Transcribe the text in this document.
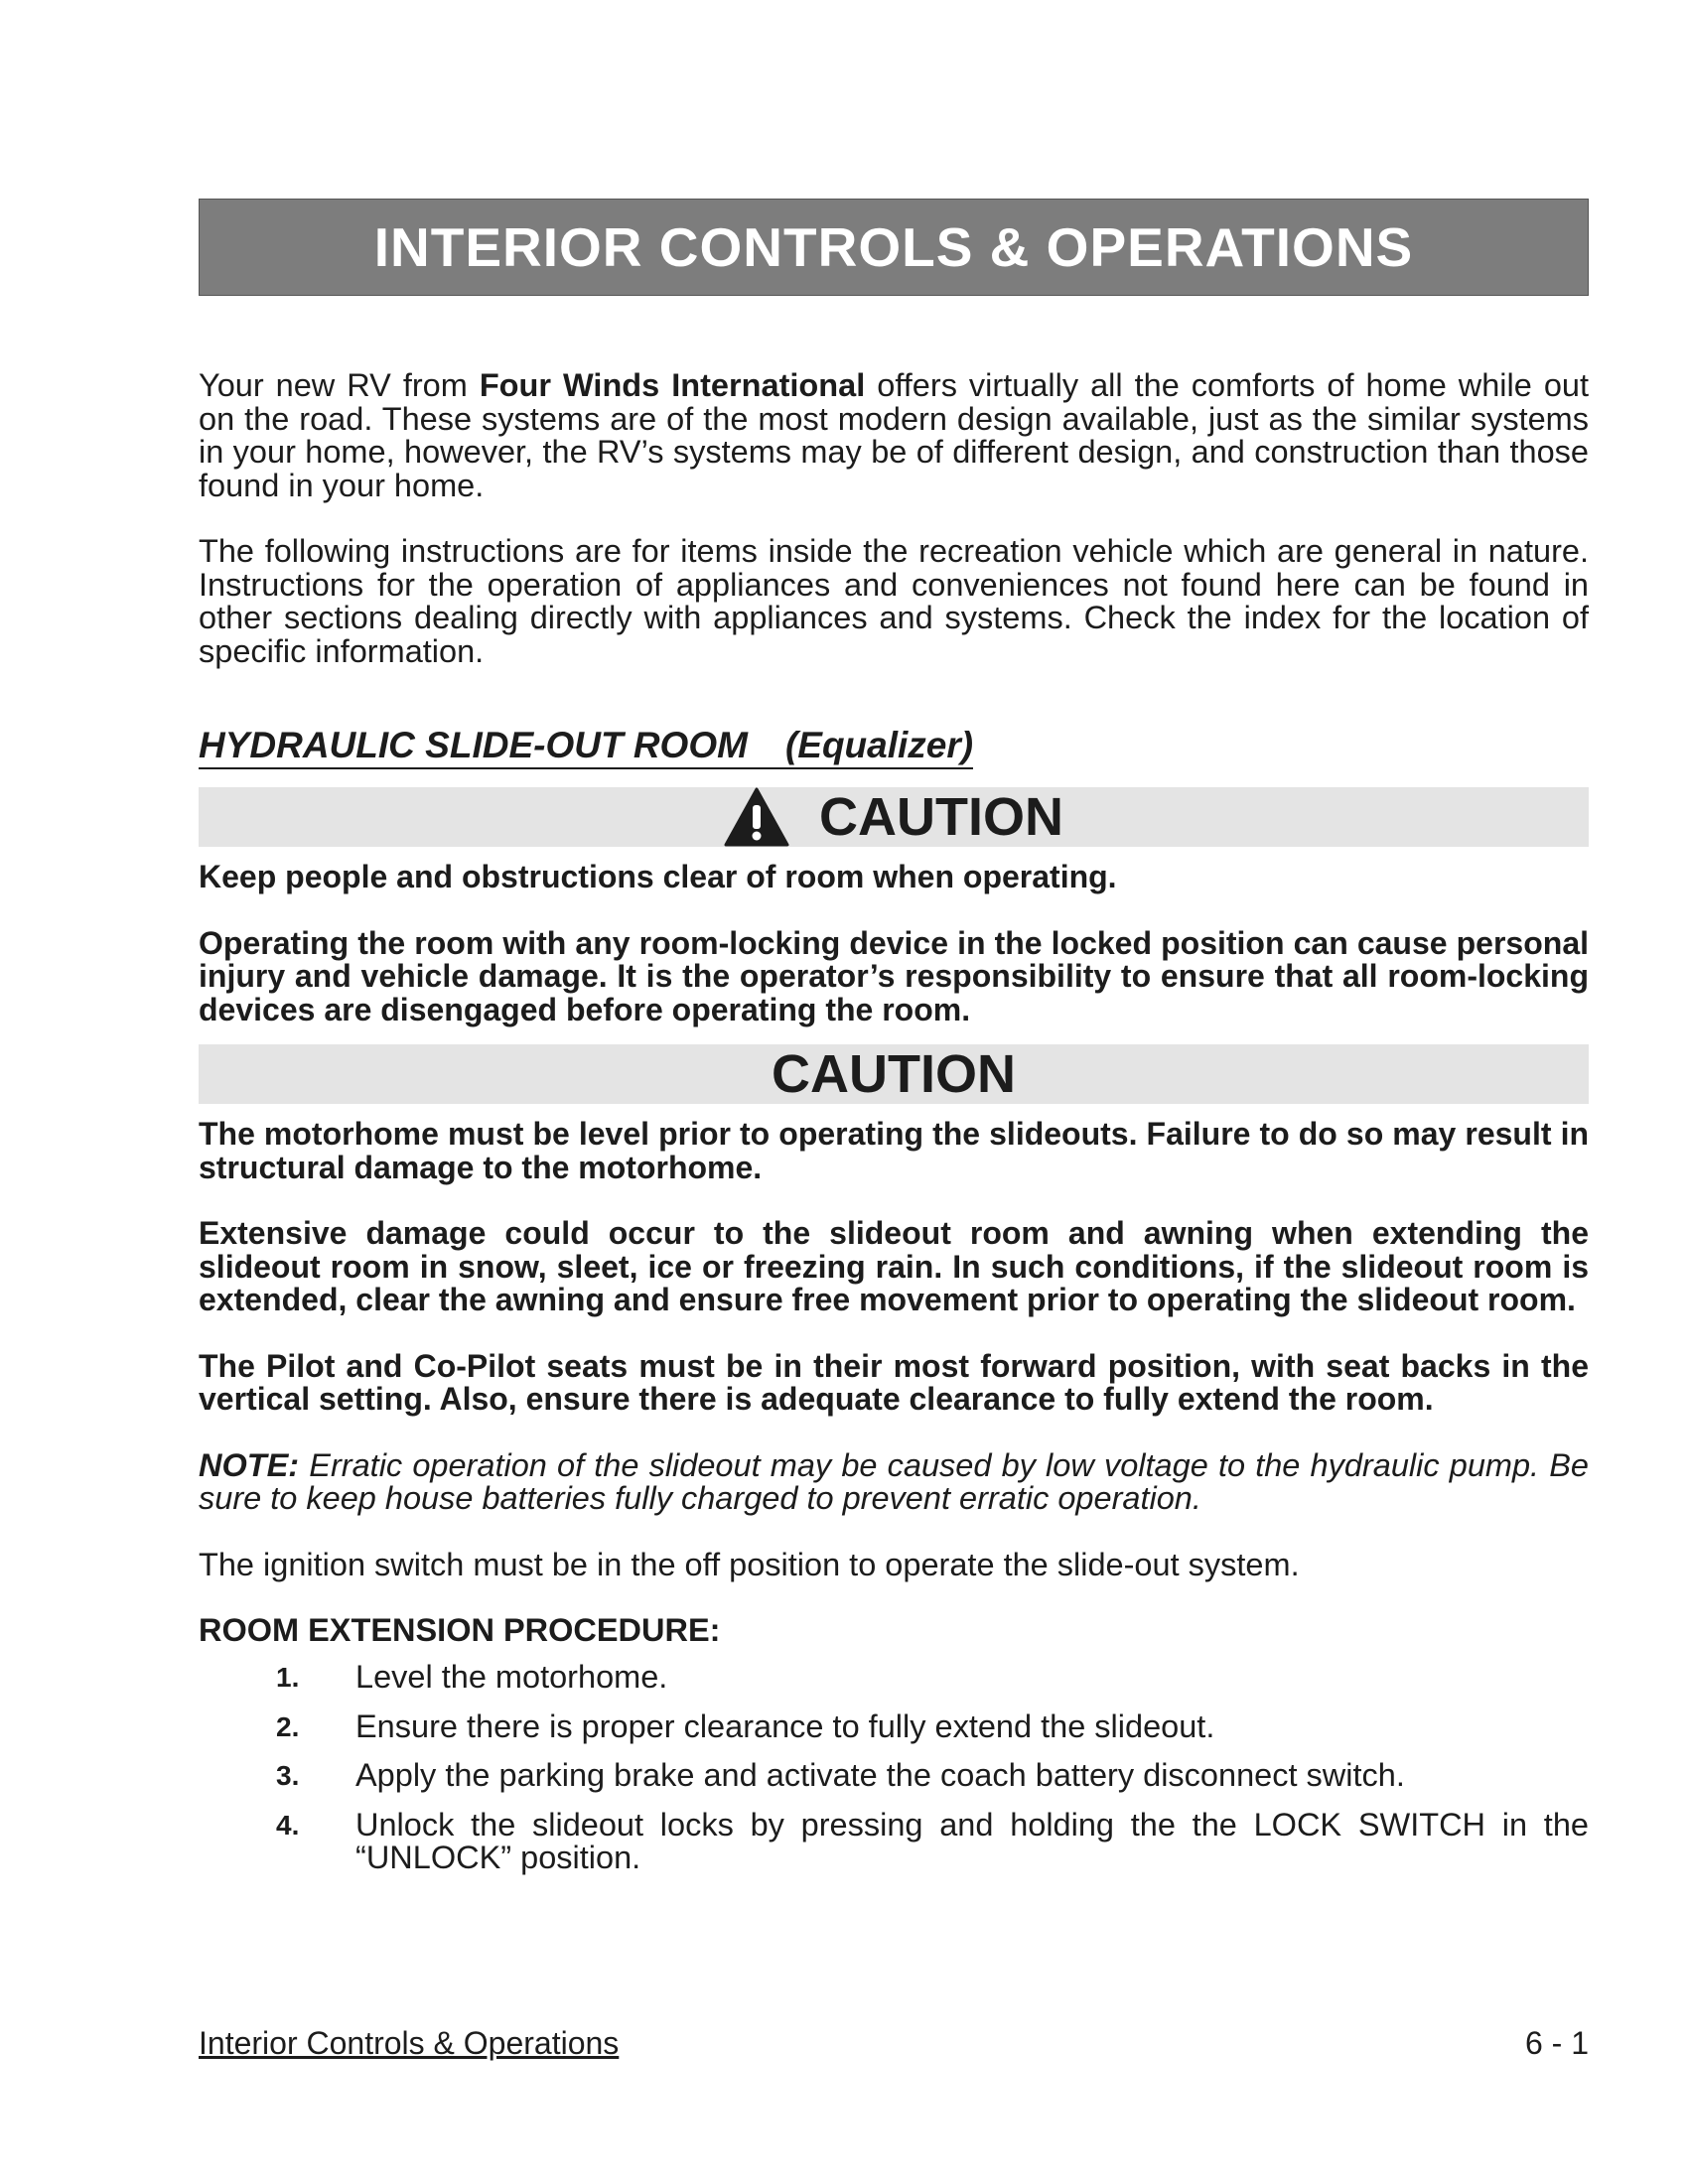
INTERIOR CONTROLS & OPERATIONS

Your new RV from Four Winds International offers virtually all the comforts of home while out on the road. These systems are of the most modern design available, just as the similar systems in your home, however, the RV’s systems may be of different design, and construction than those found in your home.

The following instructions are for items inside the recreation vehicle which are general in nature. Instructions for the operation of appliances and conveniences not found here can be found in other sections dealing directly with appliances and systems. Check the index for the location of specific information.

HYDRAULIC SLIDE-OUT ROOM (Equalizer)
CAUTION

Keep people and obstructions clear of room when operating.

Operating the room with any room-locking device in the locked position can cause personal injury and vehicle damage. It is the operator’s responsibility to ensure that all room-locking devices are disengaged before operating the room.

CAUTION

The motorhome must be level prior to operating the slideouts. Failure to do so may result in structural damage to the motorhome.

Extensive damage could occur to the slideout room and awning when extending the slideout room in snow, sleet, ice or freezing rain. In such conditions, if the slideout room is extended, clear the awning and ensure free movement prior to operating the slideout room.

The Pilot and Co-Pilot seats must be in their most forward position, with seat backs in the vertical setting. Also, ensure there is adequate clearance to fully extend the room.

NOTE: Erratic operation of the slideout may be caused by low voltage to the hydraulic pump. Be sure to keep house batteries fully charged to prevent erratic operation.

The ignition switch must be in the off position to operate the slide-out system.

ROOM EXTENSION PROCEDURE:
1.	Level the motorhome.
2.	Ensure there is proper clearance to fully extend the slideout.
3.	Apply the parking brake and activate the coach battery disconnect switch.
4.	Unlock the slideout locks by pressing and holding the the LOCK SWITCH in the “UNLOCK” position.
Interior Controls & Operations	6 - 1
